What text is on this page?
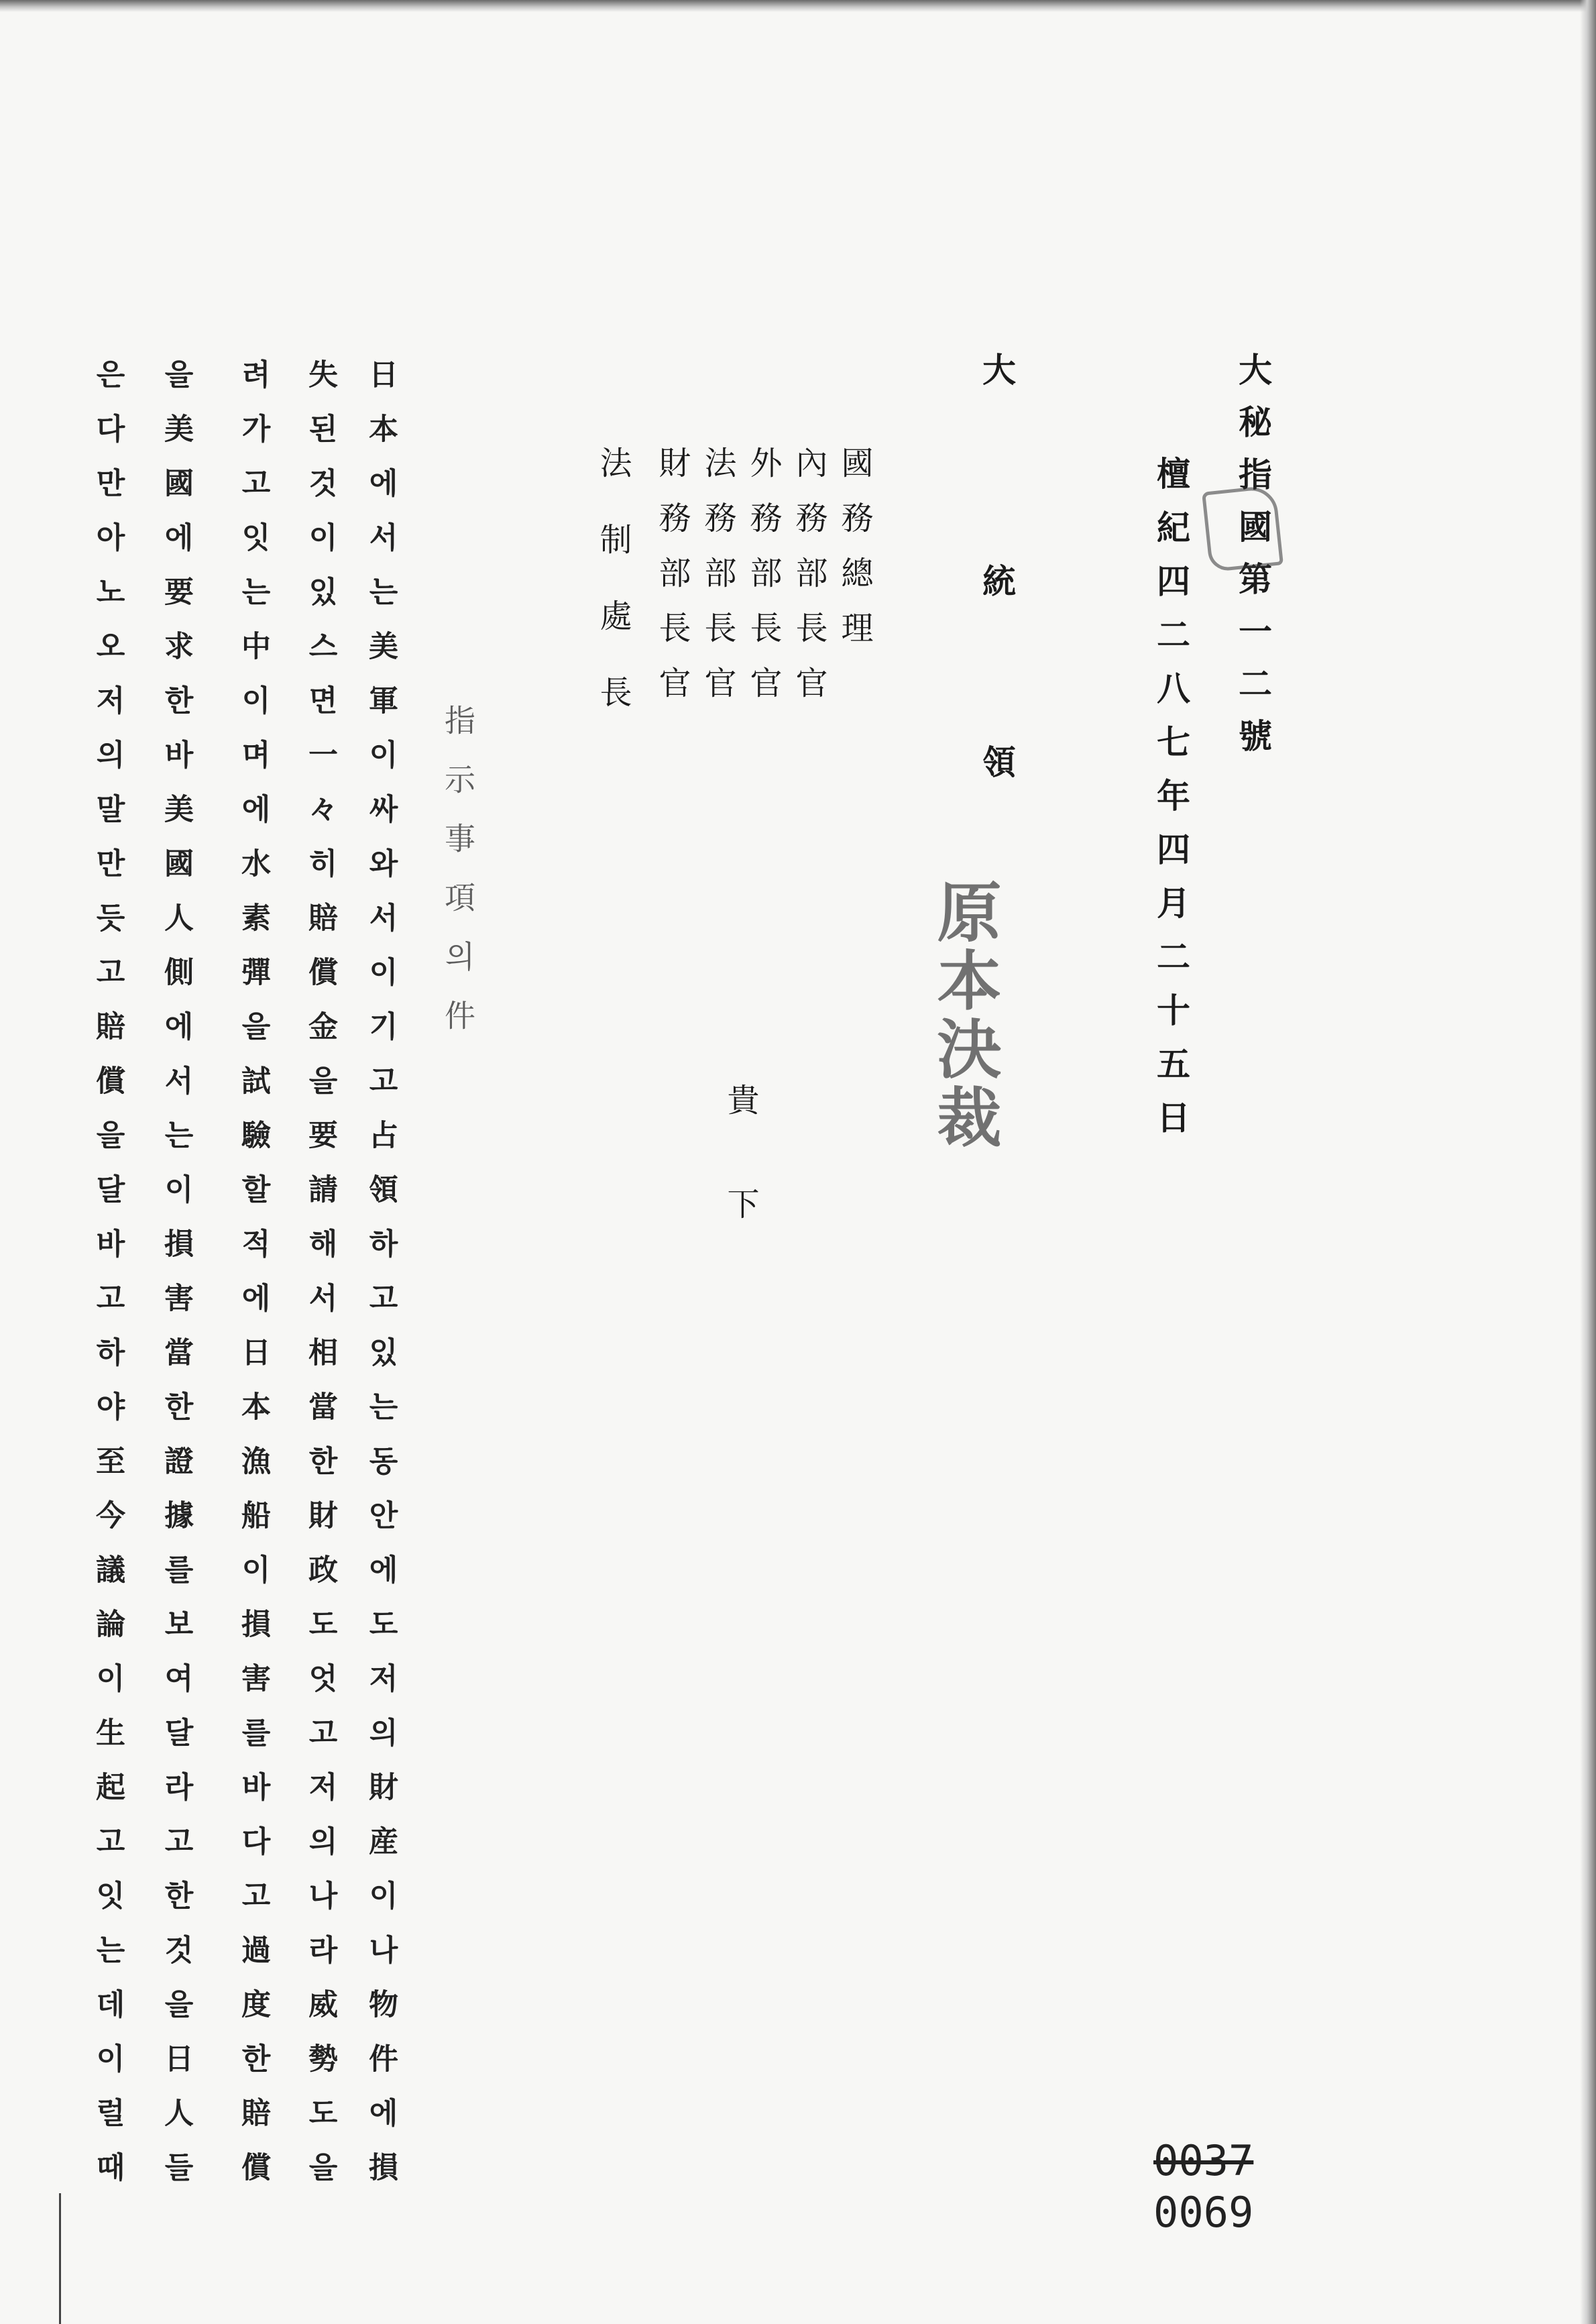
大秘指國第一二號
檀紀四二八七年四月二十五日
大
統領
原本決裁
國務總理
內務部長官
外務部長官
法務部長官
財務部長官
法制處長
貴
下
指示事項의件
日本에서는美軍이싸와서이기고占領하고있는동안에도저의財産이나物件에損
失된것이있스면一々히賠償金을要請해서相當한財政도엇고저의나라威勢도을
려가고잇는中이며에水素彈을試驗할적에日本漁船이損害를바다고過度한賠償
을美國에要求한바美國人側에서는이損害當한證據를보여달라고한것을日人들
은다만아노오저의말만듯고賠償을달바고하야至今議論이生起고잇는데이럴때	0037
0069
